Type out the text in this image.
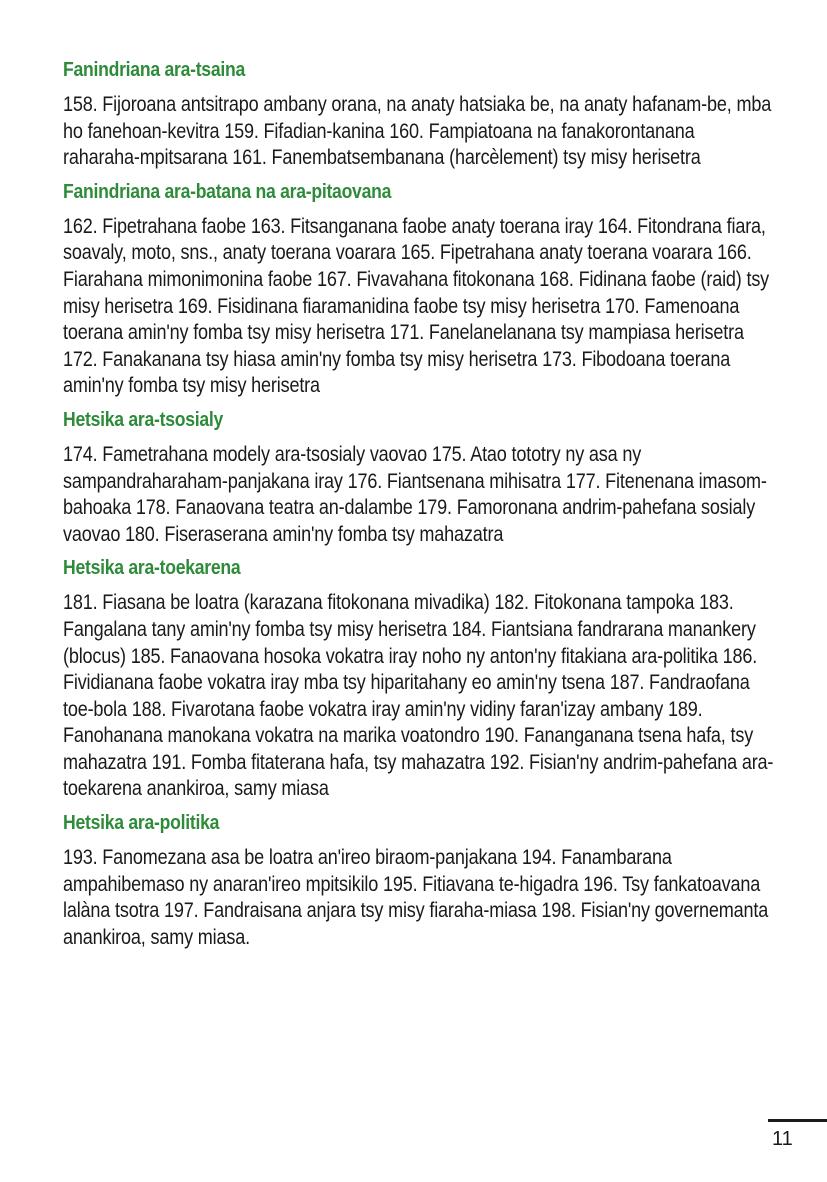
Fanindriana ara-tsaina
158. Fijoroana antsitrapo ambany orana, na anaty hatsiaka be, na anaty hafanam-be, mba ho fanehoan-kevitra 159. Fifadian-kanina 160. Fampiatoana na fanakorontanana raharaha-mpitsarana 161. Fanembatsembanana (harcèlement) tsy misy herisetra
Fanindriana ara-batana na ara-pitaovana
162. Fipetrahana faobe 163. Fitsanganana faobe anaty toerana iray 164. Fitondrana fiara, soavaly, moto, sns., anaty toerana voarara 165. Fipetrahana anaty toerana voarara 166. Fiarahana mimonimonina faobe 167. Fivavahana fitokonana 168. Fidinana faobe (raid) tsy misy herisetra 169. Fisidinana fiaramanidina faobe tsy misy herisetra 170. Famenoana toerana amin'ny fomba tsy misy herisetra 171. Fanelanelanana tsy mampiasa herisetra 172. Fanakanana tsy hiasa amin'ny fomba tsy misy herisetra 173. Fibodoana toerana amin'ny fomba tsy misy herisetra
Hetsika ara-tsosialy
174. Fametrahana modely ara-tsosialy vaovao 175. Atao tototry ny asa ny sampandraharaham-panjakana iray 176. Fiantsenana mihisatra 177. Fitenenana imasom-bahoaka 178. Fanaovana teatra an-dalambe 179. Famoronana andrim-pahefana sosialy vaovao 180. Fiseraserana amin'ny fomba tsy mahazatra
Hetsika ara-toekarena
181. Fiasana be loatra (karazana fitokonana mivadika) 182. Fitokonana tampoka 183. Fangalana tany amin'ny fomba tsy misy herisetra 184. Fiantsiana fandrarana manankery (blocus) 185. Fanaovana hosoka vokatra iray noho ny anton'ny fitakiana ara-politika 186. Fividianana faobe vokatra iray mba tsy hiparitahany eo amin'ny tsena 187. Fandraofana toe-bola 188. Fivarotana faobe vokatra iray amin'ny vidiny faran'izay ambany 189. Fanohanana manokana vokatra na marika voatondro 190. Fananganana tsena hafa, tsy mahazatra 191. Fomba fitaterana hafa, tsy mahazatra 192. Fisian'ny andrim-pahefana ara-toekarena anankiroa, samy miasa
Hetsika ara-politika
193. Fanomezana asa be loatra an'ireo biraom-panjakana 194. Fanambarana ampahibemaso ny anaran'ireo mpitsikilo 195. Fitiavana te-higadra 196. Tsy fankatoavana lalàna tsotra 197. Fandraisana anjara tsy misy fiaraha-miasa 198. Fisian'ny governemanta anankiroa, samy miasa.
11
